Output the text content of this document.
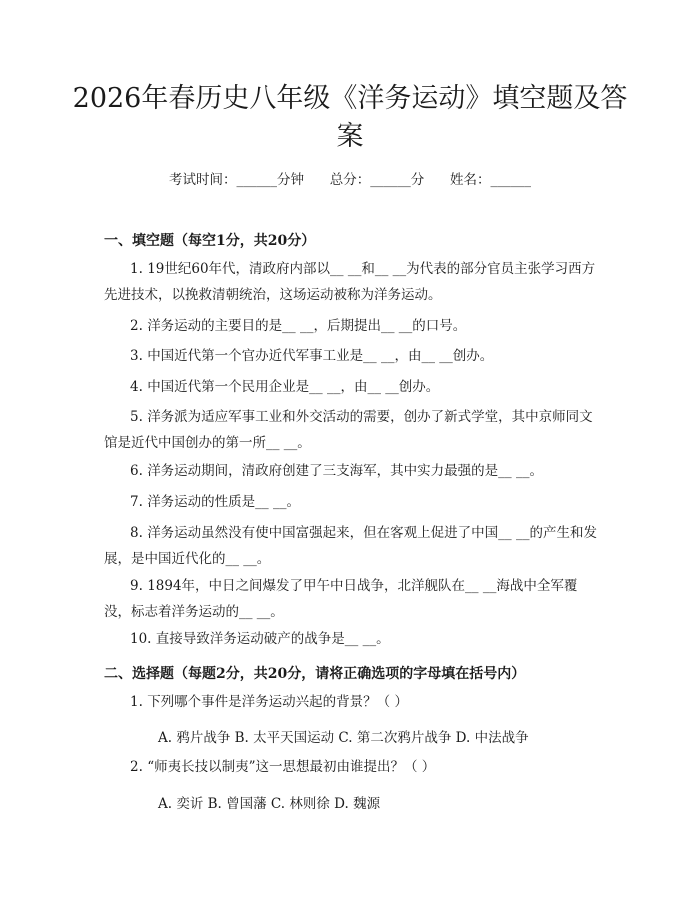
2026年春历史八年级《洋务运动》填空题及答案
考试时间：______分钟      总分：______分      姓名：______
一、填空题（每空1分，共20分）

1. 19世纪60年代，清政府内部以__ __和__ __为代表的部分官员主张学习西方先进技术，以挽救清朝统治，这场运动被称为洋务运动。

2. 洋务运动的主要目的是__ __，后期提出__ __的口号。

3. 中国近代第一个官办近代军事工业是__ __，由__ __创办。

4. 中国近代第一个民用企业是__ __，由__ __创办。

5. 洋务派为适应军事工业和外交活动的需要，创办了新式学堂，其中京师同文馆是近代中国创办的第一所__ __。

6. 洋务运动期间，清政府创建了三支海军，其中实力最强的是__ __。

7. 洋务运动的性质是__ __。

8. 洋务运动虽然没有使中国富强起来，但在客观上促进了中国__ __的产生和发展，是中国近代化的__ __。

9. 1894年，中日之间爆发了甲午中日战争，北洋舰队在__ __海战中全军覆没，标志着洋务运动的__ __。

10. 直接导致洋务运动破产的战争是__ __。

二、选择题（每题2分，共20分，请将正确选项的字母填在括号内）

1. 下列哪个事件是洋务运动兴起的背景？（ ）

A. 鸦片战争 B. 太平天国运动 C. 第二次鸦片战争 D. 中法战争

2. “师夷长技以制夷”这一思想最初由谁提出？（ ）

A. 奕䜣 B. 曾国藩 C. 林则徐 D. 魏源
